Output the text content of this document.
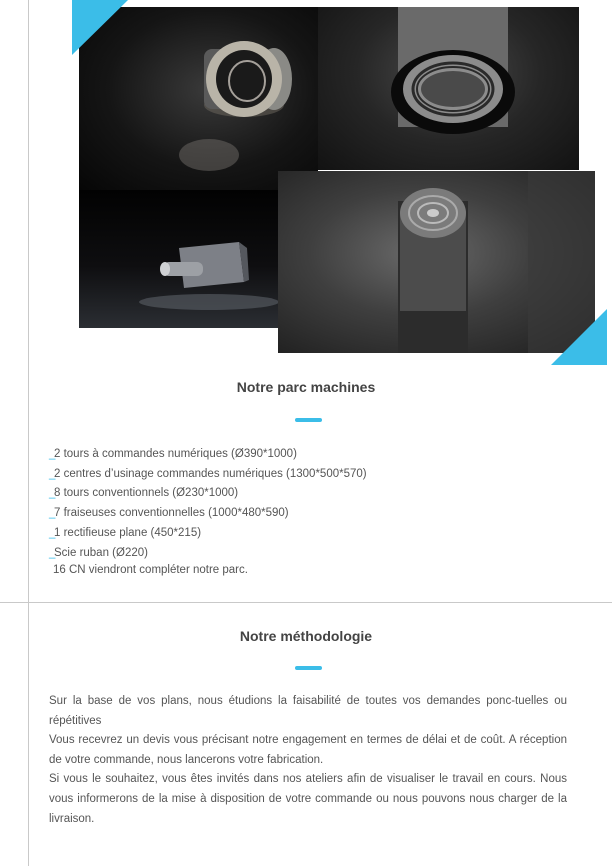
Notre parc machines
_2 tours à commandes numériques (Ø390*1000)
_2 centres d’usinage commandes numériques (1300*500*570)
_8 tours conventionnels (Ø230*1000)
_7 fraiseuses conventionnelles (1000*480*590)
_1 rectifieuse plane (450*215)
_Scie ruban (Ø220)
16 CN viendront compléter notre parc.
Notre méthodologie

Sur la base de vos plans, nous étudions la faisabilité de toutes vos demandes ponc-tuelles ou répétitives

Vous recevrez un devis vous précisant notre engagement en termes de délai et de coût. A réception de votre commande, nous lancerons votre fabrication.

Si vous le souhaitez, vous êtes invités dans nos ateliers afin de visualiser le travail en cours. Nous vous informerons de la mise à disposition de votre commande ou nous pouvons nous charger de la livraison.
